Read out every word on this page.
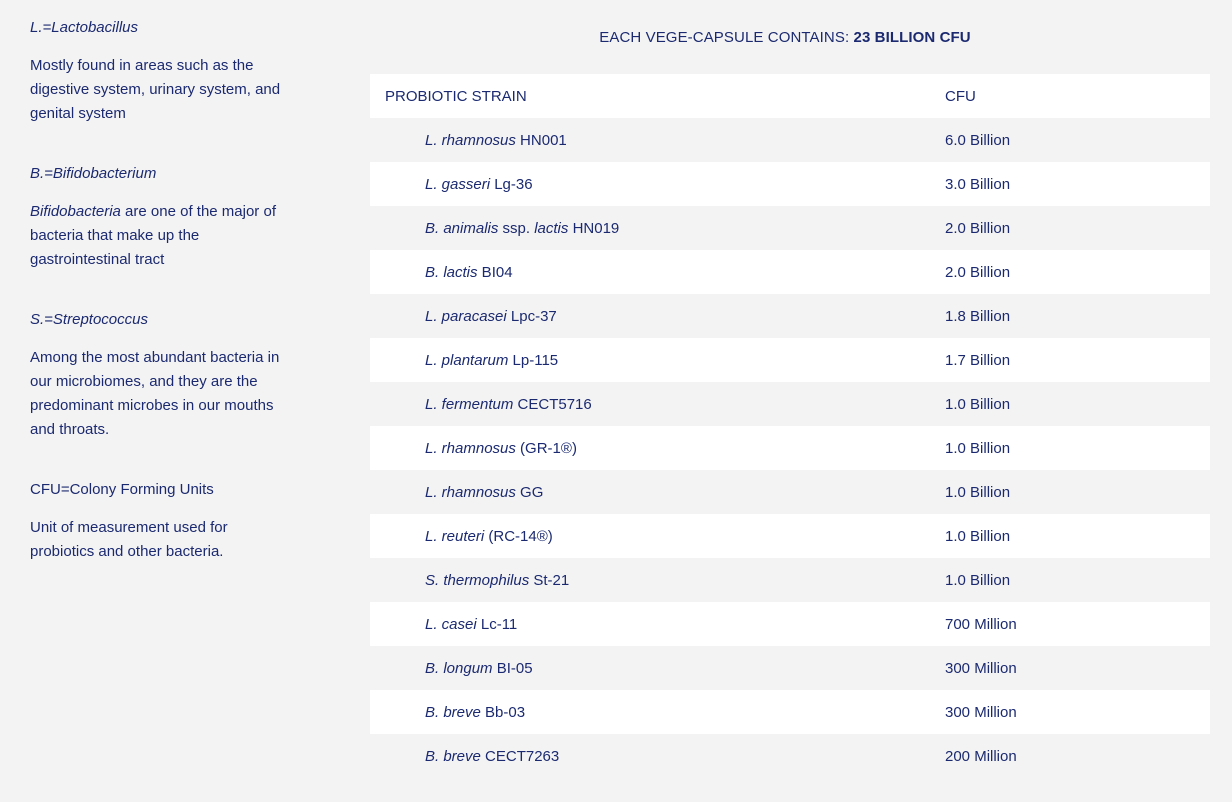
L.=Lactobacillus

Mostly found in areas such as the digestive system, urinary system, and genital system

B.=Bifidobacterium

Bifidobacteria are one of the major of bacteria that make up the gastrointestinal tract

S.=Streptococcus

Among the most abundant bacteria in our microbiomes, and they are the predominant microbes in our mouths and throats.

CFU=Colony Forming Units

Unit of measurement used for probiotics and other bacteria.

EACH VEGE-CAPSULE CONTAINS: 23 BILLION CFU
PROBIOTIC STRAIN	CFU
L. rhamnosus HN001	6.0 Billion
L. gasseri Lg-36	3.0 Billion
B. animalis ssp. lactis HN019	2.0 Billion
B. lactis BI04	2.0 Billion
L. paracasei Lpc-37	1.8 Billion
L. plantarum Lp-115	1.7 Billion
L. fermentum CECT5716	1.0 Billion
L. rhamnosus (GR-1®)	1.0 Billion
L. rhamnosus GG	1.0 Billion
L. reuteri (RC-14®)	1.0 Billion
S. thermophilus St-21	1.0 Billion
L. casei Lc-11	700 Million
B. longum BI-05	300 Million
B. breve Bb-03	300 Million
B. breve CECT7263	200 Million
